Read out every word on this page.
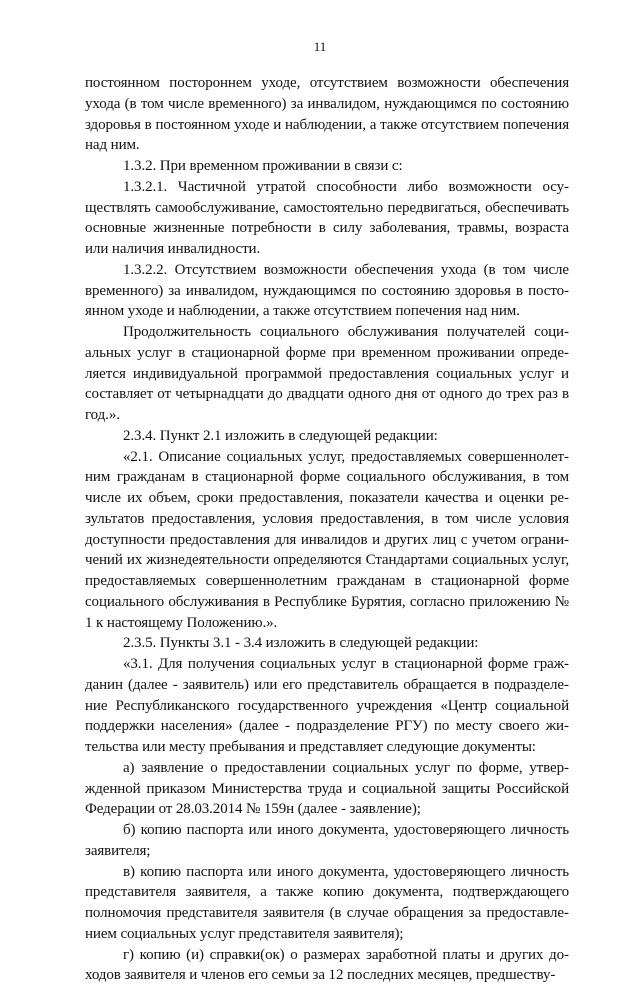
11

постоянном постороннем уходе, отсутствием возможности обеспечения ухода (в том числе временного) за инвалидом, нуждающимся по состоянию здоровья в постоянном уходе и наблюдении, а также отсутствием попечения над ним.

1.3.2. При временном проживании в связи с:

1.3.2.1. Частичной утратой способности либо возможности осуществлять самообслуживание, самостоятельно передвигаться, обеспечивать основные жизненные потребности в силу заболевания, травмы, возраста или наличия инвалидности.

1.3.2.2. Отсутствием возможности обеспечения ухода (в том числе временного) за инвалидом, нуждающимся по состоянию здоровья в постоянном уходе и наблюдении, а также отсутствием попечения над ним.

Продолжительность социального обслуживания получателей социальных услуг в стационарной форме при временном проживании определяется индивидуальной программой предоставления социальных услуг и составляет от четырнадцати до двадцати одного дня от одного до трех раз в год.».

2.3.4. Пункт 2.1 изложить в следующей редакции:

«2.1. Описание социальных услуг, предоставляемых совершеннолетним гражданам в стационарной форме социального обслуживания, в том числе их объем, сроки предоставления, показатели качества и оценки результатов предоставления, условия предоставления, в том числе условия доступности предоставления для инвалидов и других лиц с учетом ограничений их жизнедеятельности определяются Стандартами социальных услуг, предоставляемых совершеннолетним гражданам в стационарной форме социального обслуживания в Республике Бурятия, согласно приложению № 1 к настоящему Положению.».

2.3.5. Пункты 3.1 - 3.4 изложить в следующей редакции:

«3.1. Для получения социальных услуг в стационарной форме гражданин (далее - заявитель) или его представитель обращается в подразделение Республиканского государственного учреждения «Центр социальной поддержки населения» (далее - подразделение РГУ) по месту своего жительства или месту пребывания и представляет следующие документы:

а) заявление о предоставлении социальных услуг по форме, утвержденной приказом Министерства труда и социальной защиты Российской Федерации от 28.03.2014 № 159н (далее - заявление);

б) копию паспорта или иного документа, удостоверяющего личность заявителя;

в) копию паспорта или иного документа, удостоверяющего личность представителя заявителя, а также копию документа, подтверждающего полномочия представителя заявителя (в случае обращения за предоставлением социальных услуг представителя заявителя);

г) копию (и) справки(ок) о размерах заработной платы и других доходов заявителя и членов его семьи за 12 последних месяцев, предшеству-
